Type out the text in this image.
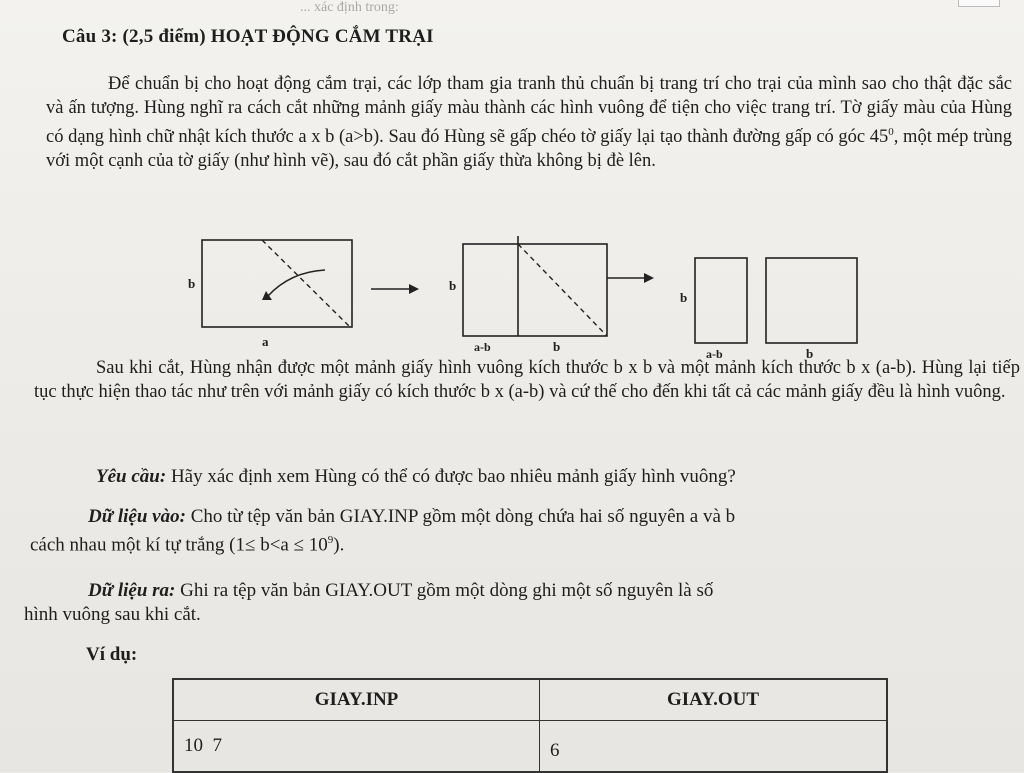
... xác định trong:
Câu 3: (2,5 điểm) HOẠT ĐỘNG CẮM TRẠI
Để chuẩn bị cho hoạt động cắm trại, các lớp tham gia tranh thủ chuẩn bị trang trí cho trại của mình sao cho thật đặc sắc và ấn tượng. Hùng nghĩ ra cách cắt những mảnh giấy màu thành các hình vuông để tiện cho việc trang trí. Tờ giấy màu của Hùng có dạng hình chữ nhật kích thước a x b (a>b). Sau đó Hùng sẽ gấp chéo tờ giấy lại tạo thành đường gấp có góc $45^0$, một mép trùng với một cạnh của tờ giấy (như hình vẽ), sau đó cắt phần giấy thừa không bị đè lên.
b
a
b
a-b	b
b
a-b	b
Sau khi cắt, Hùng nhận được một mảnh giấy hình vuông kích thước b x b và một mảnh kích thước b x (a-b). Hùng lại tiếp tục thực hiện thao tác như trên với mảnh giấy có kích thước b x (a-b) và cứ thế cho đến khi tất cả các mảnh giấy đều là hình vuông.
Yêu cầu: Hãy xác định xem Hùng có thể có được bao nhiêu mảnh giấy hình vuông?
Dữ liệu vào: Cho từ tệp văn bản GIAY.INP gồm một dòng chứa hai số nguyên a và b
cách nhau một kí tự trắng $(1\le b<a \le 10^9)$.
Dữ liệu ra: Ghi ra tệp văn bản GIAY.OUT gồm một dòng ghi một số nguyên là số
hình vuông sau khi cắt.
Ví dụ:
GIAY.INP	GIAY.OUT
10  7	6
